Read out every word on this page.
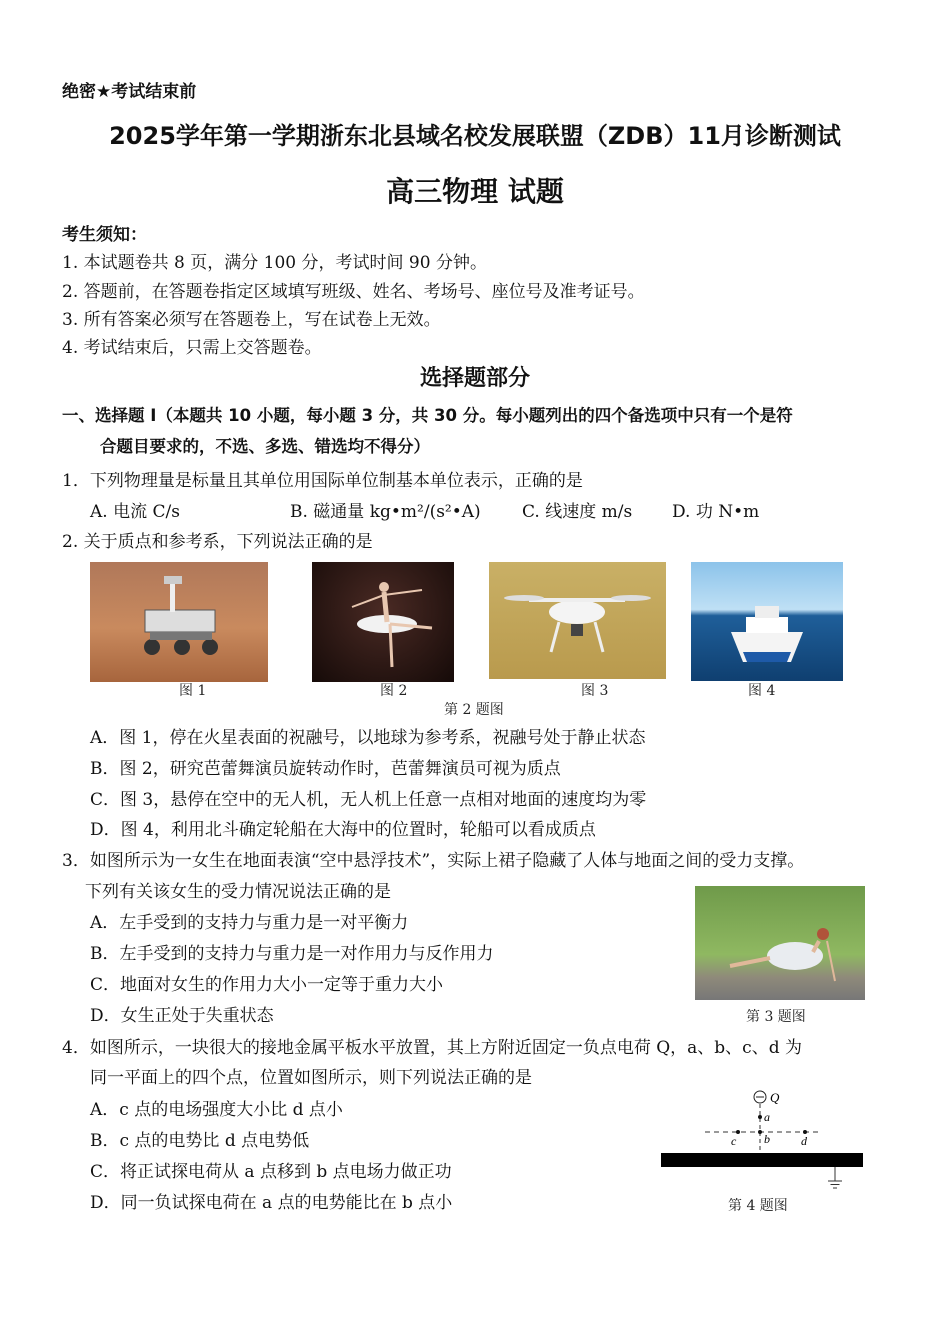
绝密★考试结束前
2025学年第一学期浙东北县域名校发展联盟（ZDB）11月诊断测试
高三物理 试题
考生须知：
1. 本试题卷共 8 页，满分 100 分，考试时间 90 分钟。
2. 答题前，在答题卷指定区域填写班级、姓名、考场号、座位号及准考证号。
3. 所有答案必须写在答题卷上，写在试卷上无效。
4. 考试结束后，只需上交答题卷。
选择题部分
一、选择题 I（本题共 10 小题，每小题 3 分，共 30 分。每小题列出的四个备选项中只有一个是符
合题目要求的，不选、多选、错选均不得分）
1．下列物理量是标量且其单位用国际单位制基本单位表示，正确的是
A. 电流 C/s	B. 磁通量 kg•m²/(s²•A) C. 线速度 m/s D. 功 N•m
2. 关于质点和参考系，下列说法正确的是
图 1	图 2	图 3	图 4
第 2 题图
A．图 1，停在火星表面的祝融号，以地球为参考系，祝融号处于静止状态
B．图 2，研究芭蕾舞演员旋转动作时，芭蕾舞演员可视为质点
C．图 3，悬停在空中的无人机，无人机上任意一点相对地面的速度均为零
D．图 4，利用北斗确定轮船在大海中的位置时，轮船可以看成质点
3．如图所示为一女生在地面表演“空中悬浮技术”，实际上裙子隐藏了人体与地面之间的受力支撑。
下列有关该女生的受力情况说法正确的是
A．左手受到的支持力与重力是一对平衡力
B．左手受到的支持力与重力是一对作用力与反作用力
C．地面对女生的作用力大小一定等于重力大小
D．女生正处于失重状态	第 3 题图
4．如图所示，一块很大的接地金属平板水平放置，其上方附近固定一负点电荷 Q，a、b、c、d 为
同一平面上的四个点，位置如图所示，则下列说法正确的是
A．c 点的电场强度大小比 d 点小
B．c 点的电势比 d 点电势低
C．将正试探电荷从 a 点移到 b 点电场力做正功
D．同一负试探电荷在 a 点的电势能比在 b 点小
Q
a
b
c	d
第 4 题图
